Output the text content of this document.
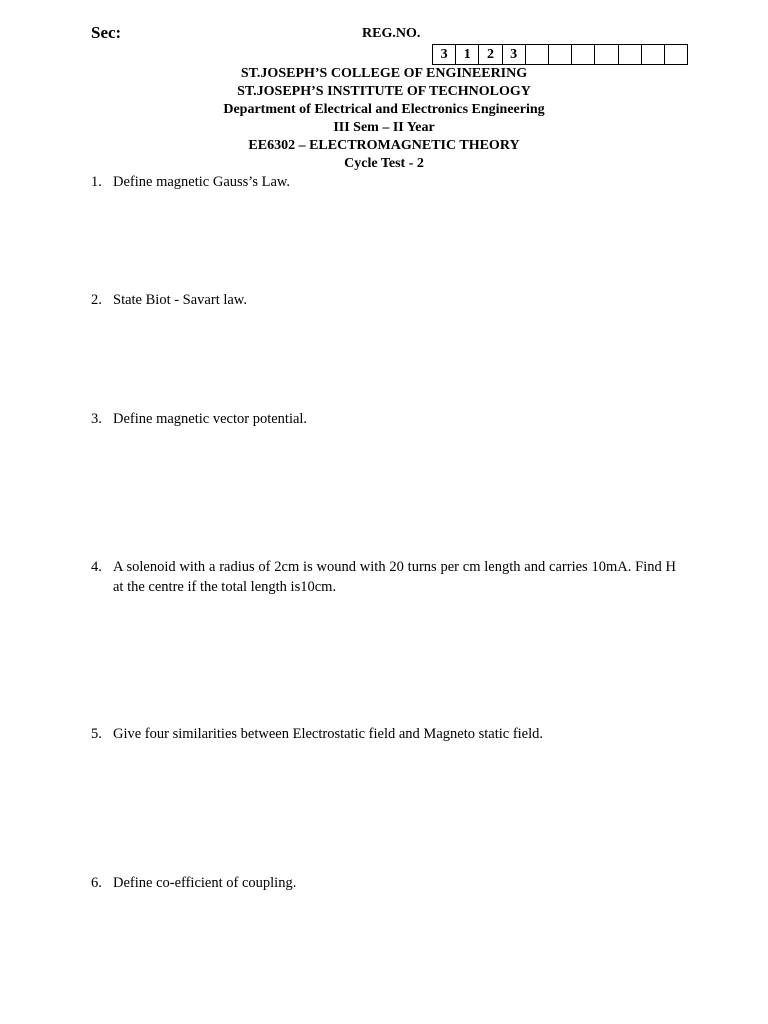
Sec:	REG.NO.
3	1	2	3							
ST.JOSEPH’S COLLEGE OF ENGINEERING
ST.JOSEPH’S INSTITUTE OF TECHNOLOGY
Department of Electrical and Electronics Engineering
III Sem – II Year
EE6302 – ELECTROMAGNETIC THEORY
Cycle Test - 2
1. Define magnetic Gauss’s Law.
2. State Biot - Savart law.
3. Define magnetic vector potential.
4. A solenoid with a radius of 2cm is wound with 20 turns per cm length and carries 10mA. Find H at the centre if the total length is10cm.
5. Give four similarities between Electrostatic field and Magneto static field.
6. Define co-efficient of coupling.
